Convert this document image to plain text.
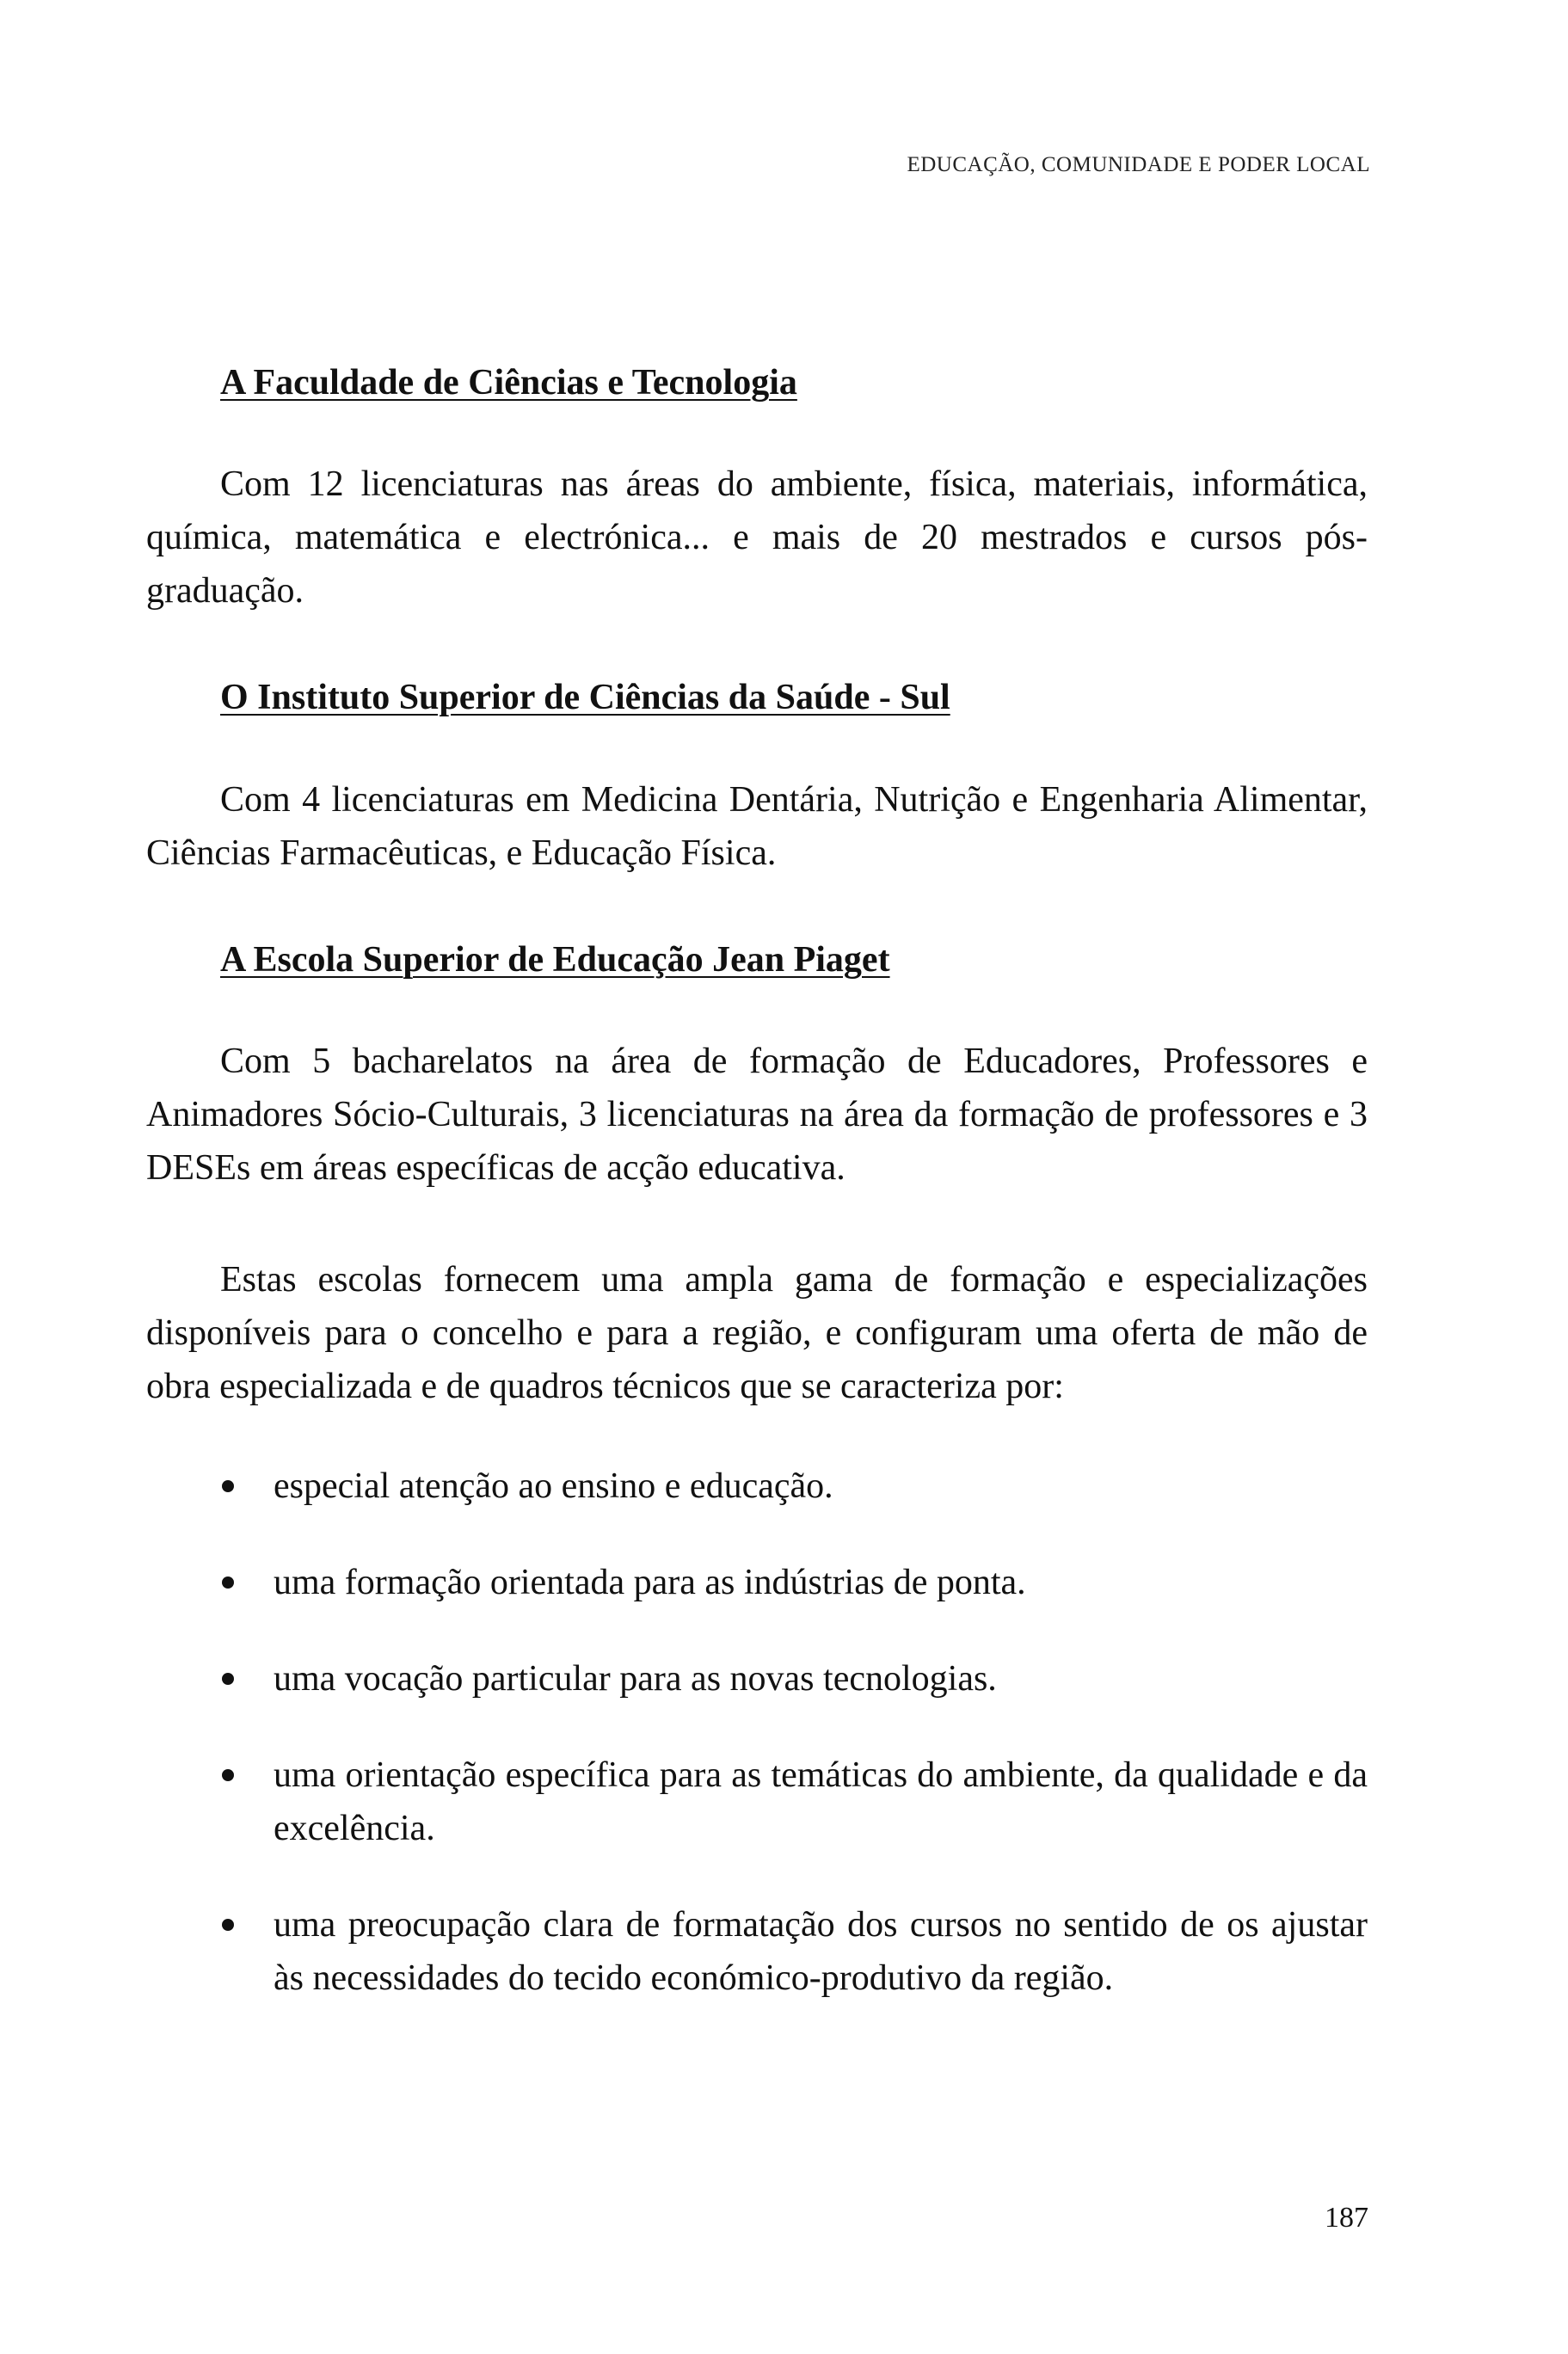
EDUCAÇÃO, COMUNIDADE E PODER LOCAL
A Faculdade de Ciências e Tecnologia

Com 12 licenciaturas nas áreas do ambiente, física, materiais, informática, química, matemática e electrónica... e mais de 20 mestrados e cursos pós-graduação.

O Instituto Superior de Ciências da Saúde - Sul

Com 4 licenciaturas em Medicina Dentária, Nutrição e Engenharia Alimentar, Ciências Farmacêuticas, e Educação Física.

A Escola Superior de Educação Jean Piaget

Com 5 bacharelatos na área de formação de Educadores, Professores e Animadores Sócio-Culturais, 3 licenciaturas na área da formação de professores e 3 DESEs em áreas específicas de acção educativa.

Estas escolas fornecem uma ampla gama de formação e especializações disponíveis para o concelho e para a região, e configuram uma oferta de mão de obra especializada e de quadros técnicos que se caracteriza por:

especial atenção ao ensino e educação.
uma formação orientada para as indústrias de ponta.
uma vocação particular para as novas tecnologias.
uma orientação específica para as temáticas do ambiente, da qualidade e da excelência.
uma preocupação clara de formatação dos cursos no sentido de os ajustar às necessidades do tecido económico-produtivo da região.
187
